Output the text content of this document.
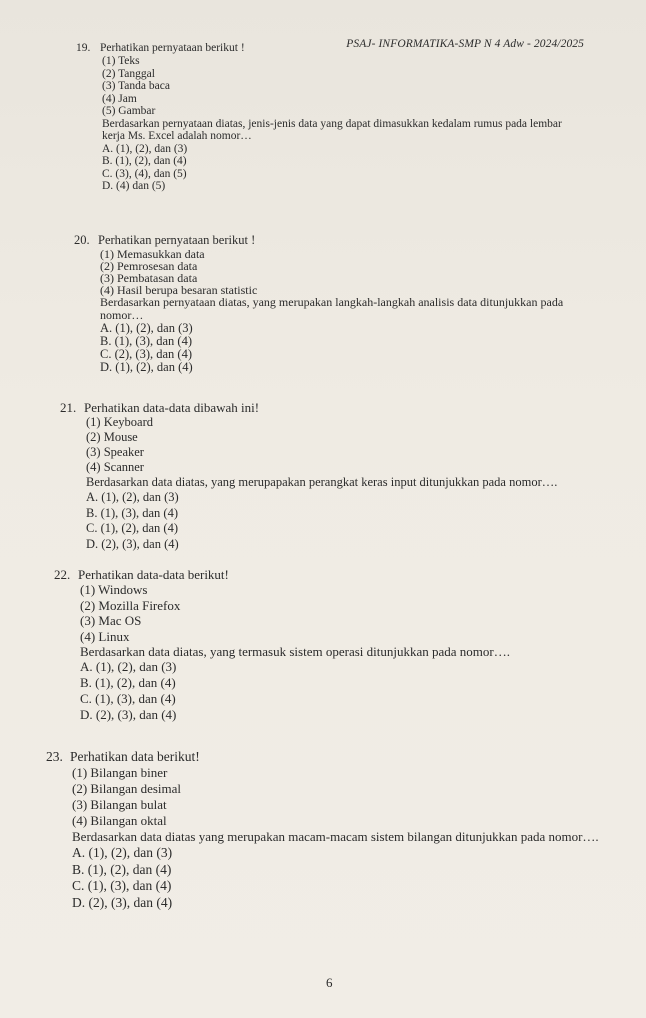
PSAJ- INFORMATIKA-SMP N 4 Adw - 2024/2025
19. Perhatikan pernyataan berikut !
(1) Teks
(2) Tanggal
(3) Tanda baca
(4) Jam
(5) Gambar
Berdasarkan pernyataan diatas, jenis-jenis data yang dapat dimasukkan kedalam rumus pada lembar kerja Ms. Excel adalah nomor…
A. (1), (2), dan (3)
B. (1), (2), dan (4)
C. (3), (4), dan (5)
D. (4) dan (5)
20. Perhatikan pernyataan berikut !
(1) Memasukkan data
(2) Pemrosesan data
(3) Pembatasan data
(4) Hasil berupa besaran statistic
Berdasarkan pernyataan diatas, yang merupakan langkah-langkah analisis data ditunjukkan pada nomor…
A. (1), (2), dan (3)
B. (1), (3), dan (4)
C. (2), (3), dan (4)
D. (1), (2), dan (4)
21. Perhatikan data-data dibawah ini!
(1) Keyboard
(2) Mouse
(3) Speaker
(4) Scanner
Berdasarkan data diatas, yang merupapakan perangkat keras input ditunjukkan pada nomor….
A. (1), (2), dan (3)
B. (1), (3), dan (4)
C. (1), (2), dan (4)
D. (2), (3), dan (4)
22. Perhatikan data-data berikut!
(1) Windows
(2) Mozilla Firefox
(3) Mac OS
(4) Linux
Berdasarkan data diatas, yang termasuk sistem operasi ditunjukkan pada nomor….
A. (1), (2), dan (3)
B. (1), (2), dan (4)
C. (1), (3), dan (4)
D. (2), (3), dan (4)
23. Perhatikan data berikut!
(1) Bilangan biner
(2) Bilangan desimal
(3) Bilangan bulat
(4) Bilangan oktal
Berdasarkan data diatas yang merupakan macam-macam sistem bilangan ditunjukkan pada nomor….
A. (1), (2), dan (3)
B. (1), (2), dan (4)
C. (1), (3), dan (4)
D. (2), (3), dan (4)
6
